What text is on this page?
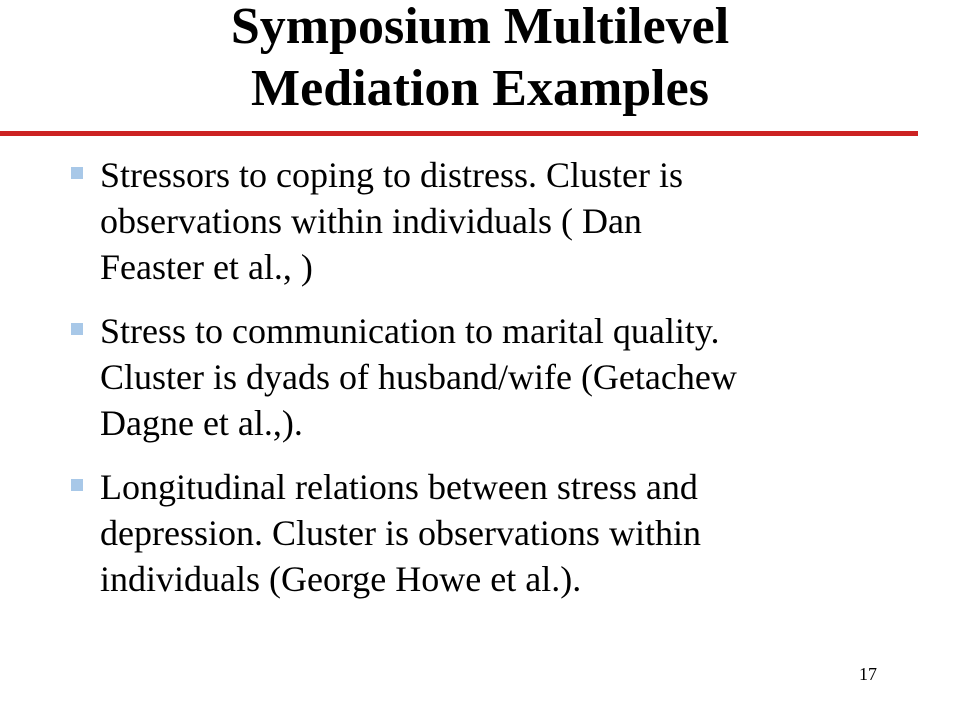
Symposium Multilevel
Mediation Examples
Stressors to coping to distress. Cluster is
observations within individuals ( Dan
Feaster et al., )
Stress to communication to marital quality.
Cluster is dyads of husband/wife (Getachew
Dagne et al.,).
Longitudinal relations between stress and
depression. Cluster is observations within
individuals (George Howe et al.).
17
